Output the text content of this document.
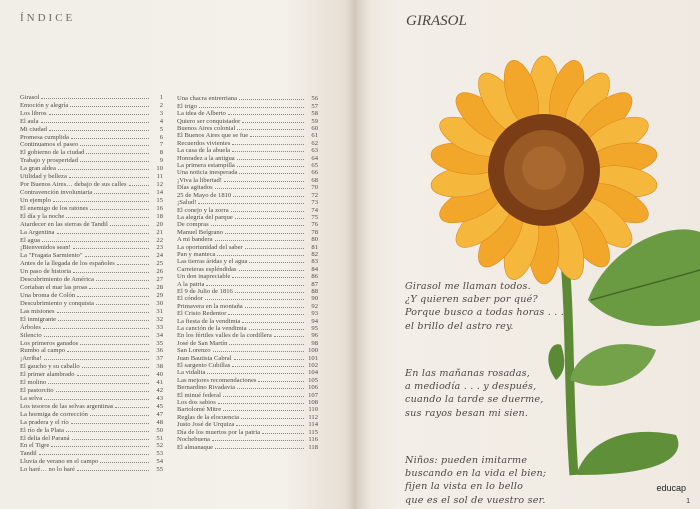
ÍNDICE
Girasol	1
Emoción y alegría	2
Los libros	3
El aula	4
Mi ciudad	5
Promesa cumplida	6
Continuamos el paseo	7
El gobierno de la ciudad	8
Trabajo y prosperidad	9
La gran aldea	10
Utilidad y belleza	11
Por Buenos Aires… debajo de sus calles	12
Contravención involuntaria	14
Un ejemplo	15
El enemigo de los ratones	16
El día y la noche	18
Atardecer en las sierras de Tandil	20
La Argentina	21
El agua	22
¡Bienvenidos sean!	23
La "Fragata Sarmiento"	24
Antes de la llegada de los españoles	25
Un paso de historia	26
Descubrimiento de América	27
Cortaban el mar las proas	28
Una broma de Colón	29
Descubrimiento y conquista	30
Las misiones	31
El inmigrante	32
Árboles	33
Silencio	34
Los primeros ganados	35
Rumbo al campo	36
¡Arriba!	37
El gaucho y su caballo	38
El primer alambrado	40
El molino	41
El pastorcito	42
La selva	43
Los tesoros de las selvas argentinas	45
La hormiga de corrección	47
La pradera y el río	48
El río de la Plata	50
El delta del Paraná	51
En el Tigre	52
Tandil	53
Lluvia de verano en el campo	54
Lo haré… no lo haré	55
Una chacra entrerriana	56
El trigo	57
La idea de Alberto	58
Quiero ser conquistador	59
Buenos Aires colonial	60
El Buenos Aires que se fue	61
Recuerdos vivientes	62
La casa de la abuela	63
Honradez a la antigua	64
La primera estampilla	65
Una noticia inesperada	66
¡Viva la libertad!	68
Días agitados	70
25 de Mayo de 1810	72
¡Salud!	73
El conejo y la zorra	74
La alegría del parque	75
De compras	76
Manuel Belgrano	78
A mi bandera	80
La oportunidad del saber	81
Pan y manteca	82
Las tierras áridas y el agua	83
Carreteras espléndidas	84
Un don inapreciable	86
A la patria	87
El 9 de Julio de 1816	88
El cóndor	90
Primavera en la montaña	92
El Cristo Redentor	93
La fiesta de la vendimia	94
La canción de la vendimia	95
En los fértiles valles de la cordillera	96
José de San Martín	98
San Lorenzo	100
Juan Bautista Cabral	101
El sargento Cubillas	102
La vidalita	104
Las mejores recomendaciones	105
Bernardino Rivadavia	106
El minué federal	107
Los dos sabios	108
Bartolomé Mitre	110
Reglas de la elocuencia	112
Justo José de Urquiza	114
Día de los muertos por la patria	115
Nochebuena	116
El almanaque	118
GIRASOL
Girasol me llaman todos.
¿Y quieren saber por qué?
Porque busco a todas horas . . .
el brillo del astro rey.
En las mañanas rosadas,
a mediodía . . . y después,
cuando la tarde se duerme,
sus rayos besan mi sien.
Niños: pueden imitarme
buscando en la vida el bien;
fijen la vista en lo bello
que es el sol de vuestro ser.
educap
1
